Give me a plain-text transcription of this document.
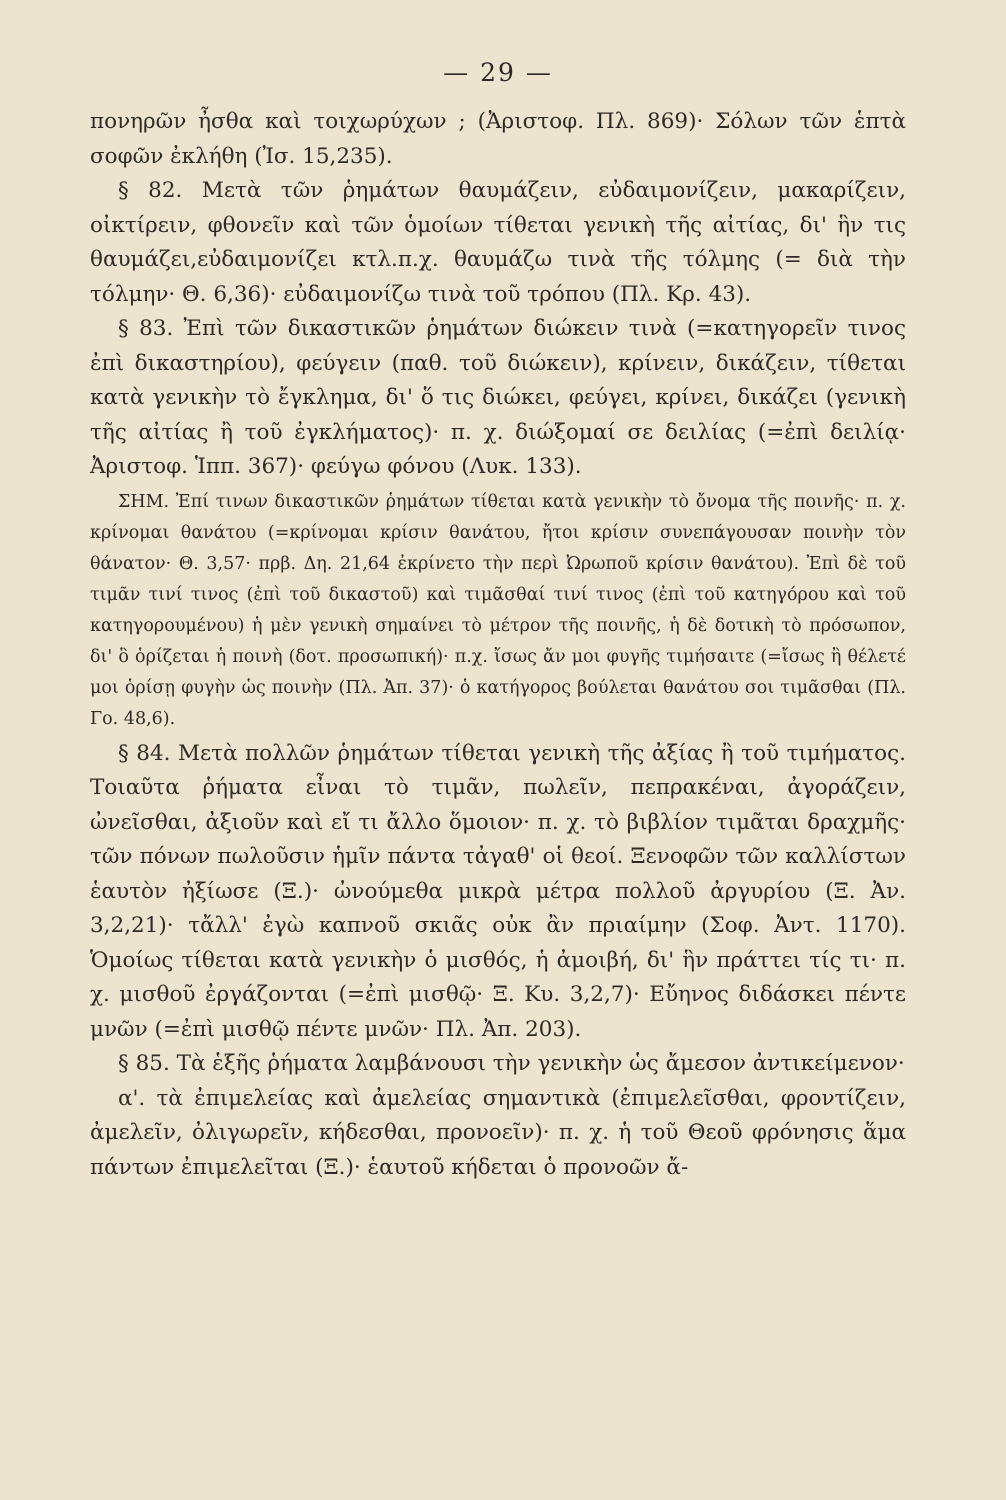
— 29 —

πονηρῶν ἦσθα καὶ τοιχωρύχων ; (Ἀριστοφ. Πλ. 869)· Σόλων τῶν ἑπτὰ σοφῶν ἐκλήθη (Ἰσ. 15,235).

§ 82. Μετὰ τῶν ῥημάτων θαυμάζειν, εὐδαιμονίζειν, μακαρίζειν, οἰκτίρειν, φθονεῖν καὶ τῶν ὁμοίων τίθεται γενικὴ τῆς αἰτίας, δι' ἣν τις θαυμάζει,εὐδαιμονίζει κτλ.π.χ. θαυμάζω τινὰ τῆς τόλμης (= διὰ τὴν τόλμην· Θ. 6,36)· εὐδαιμονίζω τινὰ τοῦ τρόπου (Πλ. Κρ. 43).

§ 83. Ἐπὶ τῶν δικαστικῶν ῥημάτων διώκειν τινὰ (=κατηγορεῖν τινος ἐπὶ δικαστηρίου), φεύγειν (παθ. τοῦ διώκειν), κρίνειν, δικάζειν, τίθεται κατὰ γενικὴν τὸ ἔγκλημα, δι' ὅ τις διώκει, φεύγει, κρίνει, δικάζει (γενικὴ τῆς αἰτίας ἢ τοῦ ἐγκλήματος)· π. χ. διώξομαί σε δειλίας (=ἐπὶ δειλίᾳ· Ἀριστοφ. Ἱππ. 367)· φεύγω φόνου (Λυκ. 133).

ΣΗΜ. Ἐπί τινων δικαστικῶν ῥημάτων τίθεται κατὰ γενικὴν τὸ ὄνομα τῆς ποινῆς· π. χ. κρίνομαι θανάτου (=κρίνομαι κρίσιν θανάτου, ἤτοι κρίσιν συνεπάγουσαν ποινὴν τὸν θάνατον· Θ. 3,57· πρβ. Δη. 21,64 ἐκρίνετο τὴν περὶ Ὠρωποῦ κρίσιν θανάτου). Ἐπὶ δὲ τοῦ τιμᾶν τινί τινος (ἐπὶ τοῦ δικαστοῦ) καὶ τιμᾶσθαί τινί τινος (ἐπὶ τοῦ κατηγόρου καὶ τοῦ κατηγορουμένου) ἡ μὲν γενικὴ σημαίνει τὸ μέτρον τῆς ποινῆς, ἡ δὲ δοτικὴ τὸ πρόσωπον, δι' ὃ ὁρίζεται ἡ ποινὴ (δοτ. προσωπική)· π.χ. ἴσως ἄν μοι φυγῆς τιμήσαιτε (=ἴσως ἢ θέλετέ μοι ὁρίσῃ φυγὴν ὡς ποινὴν (Πλ. Ἀπ. 37)· ὁ κατήγορος βούλεται θανάτου σοι τιμᾶσθαι (Πλ. Γο. 48,6).

§ 84. Μετὰ πολλῶν ῥημάτων τίθεται γενικὴ τῆς ἀξίας ἢ τοῦ τιμήματος. Τοιαῦτα ῥήματα εἶναι τὸ τιμᾶν, πωλεῖν, πεπρακέναι, ἀγοράζειν, ὠνεῖσθαι, ἀξιοῦν καὶ εἴ τι ἄλλο ὅμοιον· π. χ. τὸ βιβλίον τιμᾶται δραχμῆς· τῶν πόνων πωλοῦσιν ἡμῖν πάντα τἀγαθ' οἱ θεοί. Ξενοφῶν τῶν καλλίστων ἑαυτὸν ἠξίωσε (Ξ.)· ὠνούμεθα μικρὰ μέτρα πολλοῦ ἀργυρίου (Ξ. Ἀν. 3,2,21)· τἄλλ' ἐγὼ καπνοῦ σκιᾶς οὐκ ἂν πριαίμην (Σοφ. Ἀντ. 1170). Ὁμοίως τίθεται κατὰ γενικὴν ὁ μισθός, ἡ ἀμοιβή, δι' ἣν πράττει τίς τι· π. χ. μισθοῦ ἐργάζονται (=ἐπὶ μισθῷ· Ξ. Κυ. 3,2,7)· Εὔηνος διδάσκει πέντε μνῶν (=ἐπὶ μισθῷ πέντε μνῶν· Πλ. Ἀπ. 203).

§ 85. Τὰ ἑξῆς ῥήματα λαμβάνουσι τὴν γενικὴν ὡς ἄμεσον ἀντικείμενον·

α'. τὰ ἐπιμελείας καὶ ἀμελείας σημαντικὰ (ἐπιμελεῖσθαι, φροντίζειν, ἀμελεῖν, ὀλιγωρεῖν, κήδεσθαι, προνοεῖν)· π. χ. ἡ τοῦ Θεοῦ φρόνησις ἅμα πάντων ἐπιμελεῖται (Ξ.)· ἑαυτοῦ κήδεται ὁ προνοῶν ἄ-
